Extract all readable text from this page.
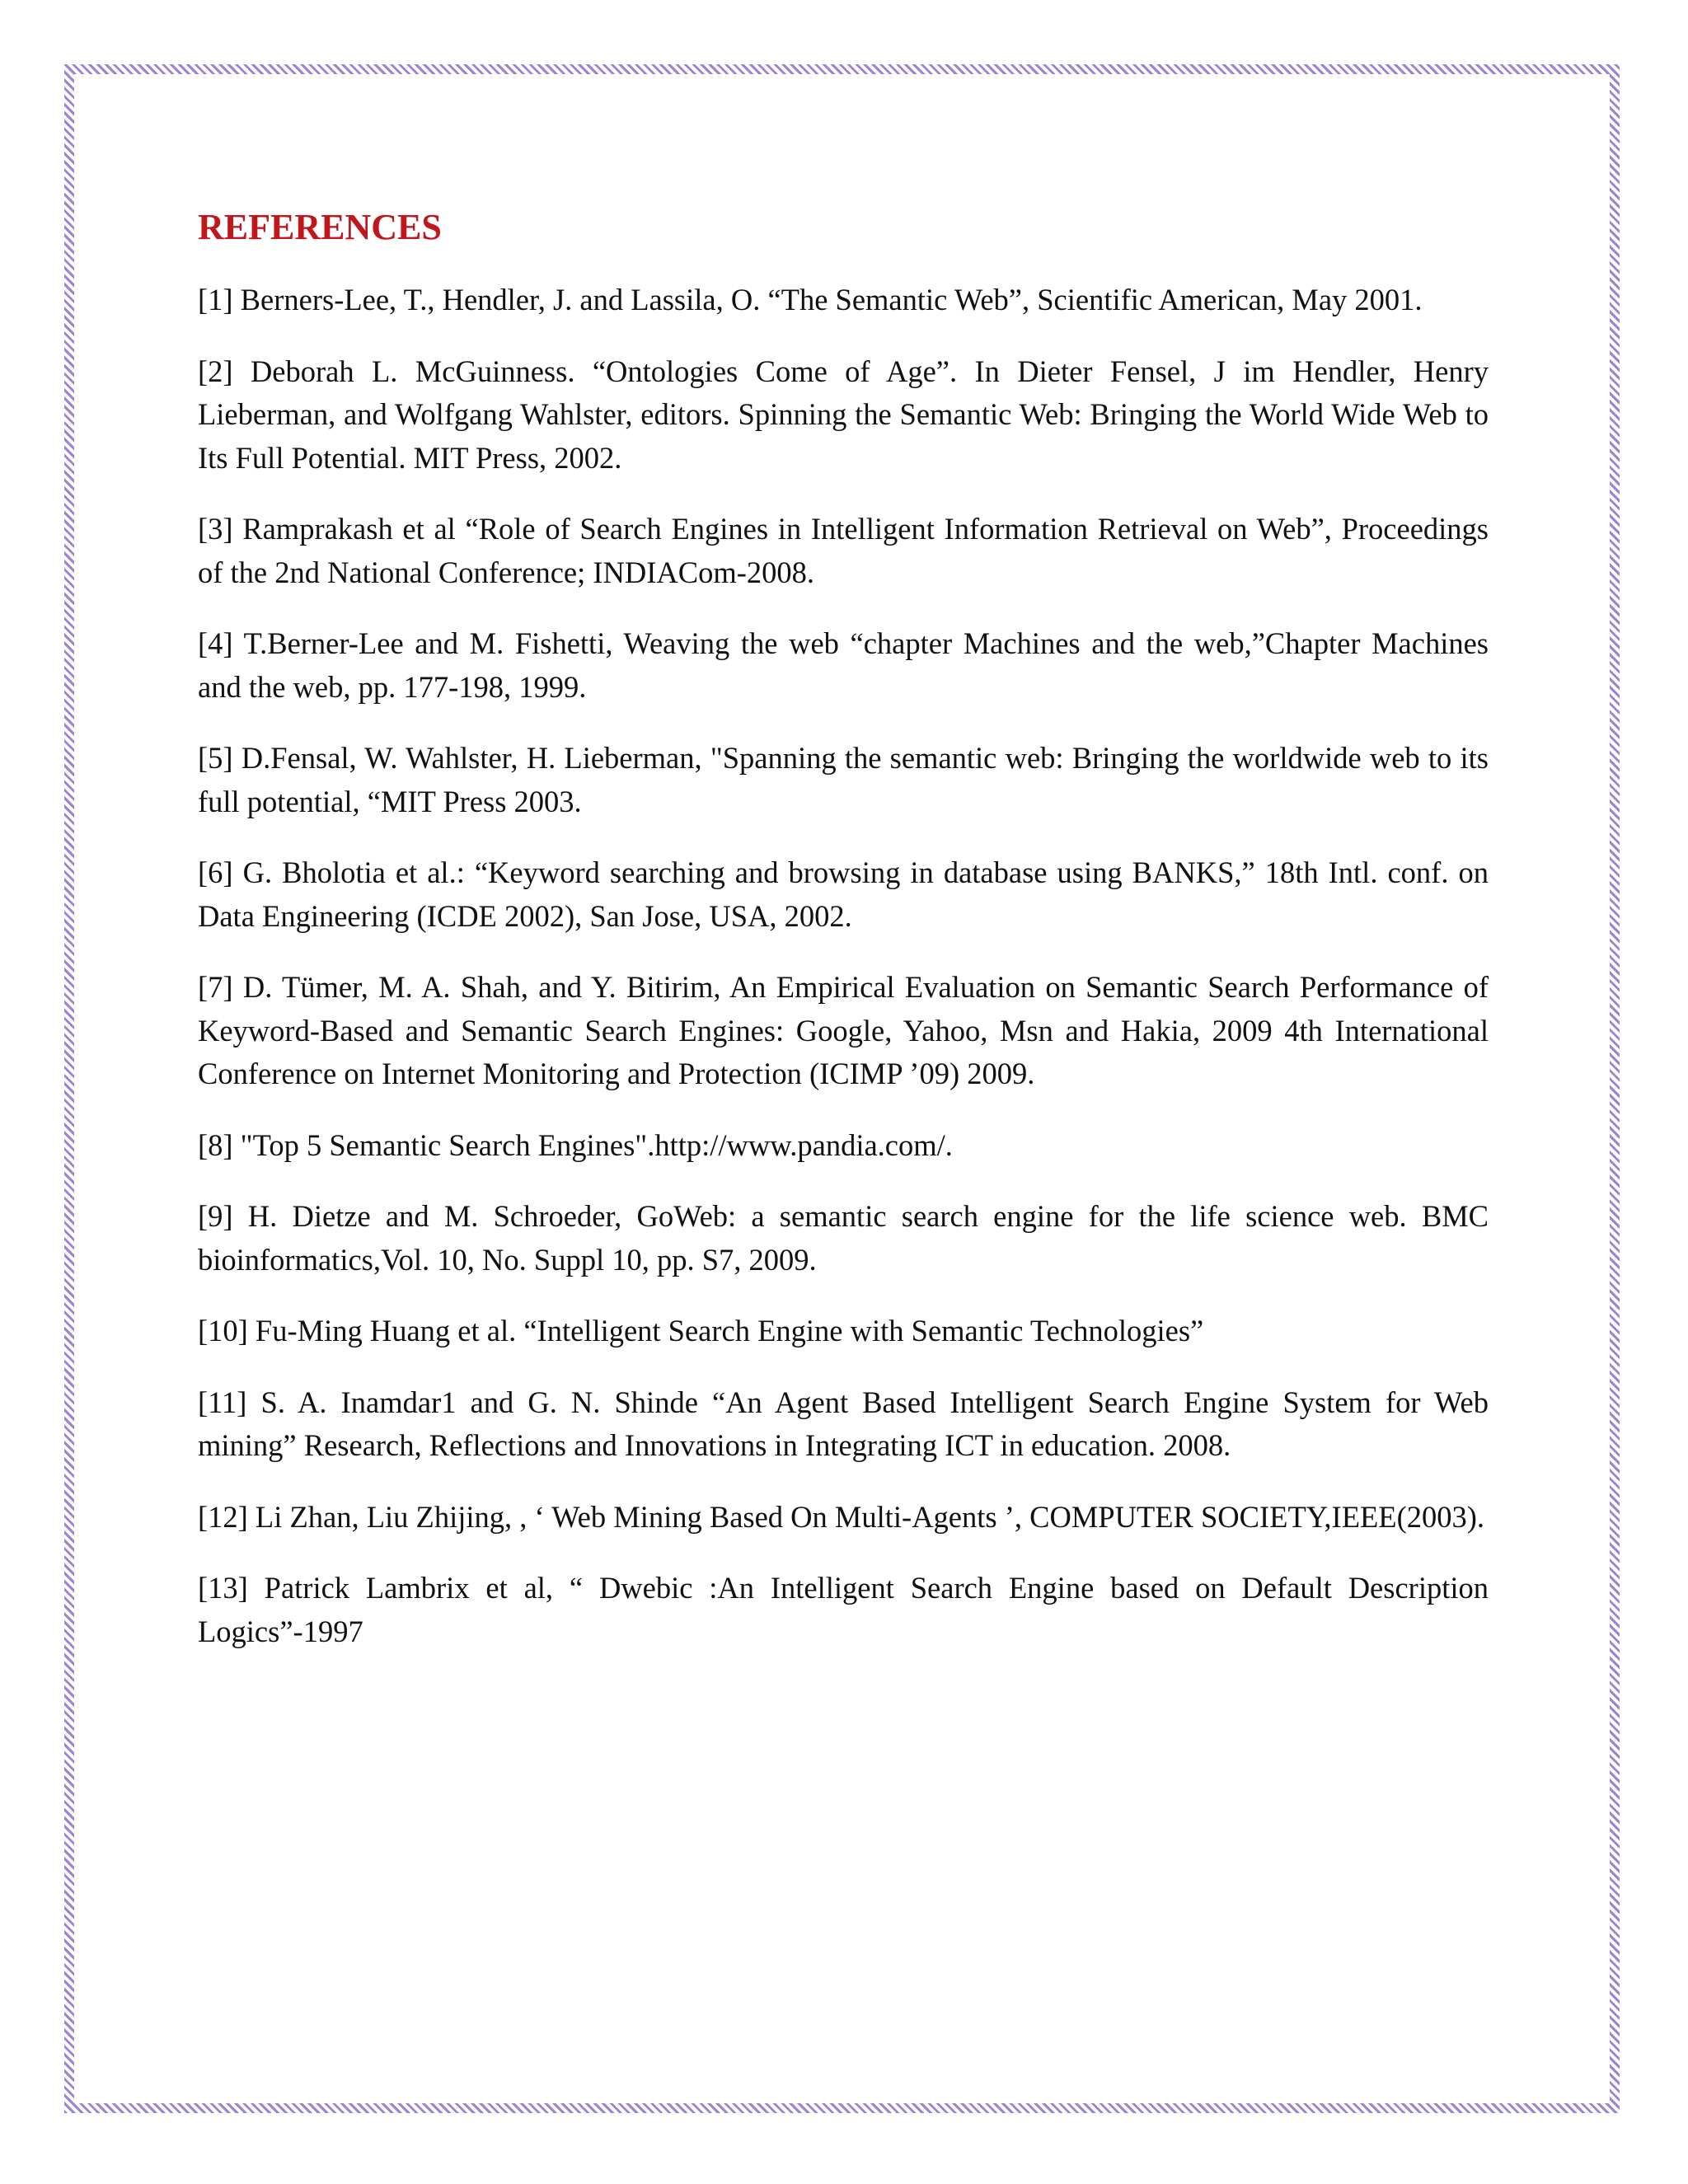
REFERENCES

[1] Berners-Lee, T., Hendler, J. and Lassila, O. “The Semantic Web”, Scientific American, May 2001.

[2] Deborah L. McGuinness. “Ontologies Come of Age”. In Dieter Fensel, J im Hendler, Henry Lieberman, and Wolfgang Wahlster, editors. Spinning the Semantic Web: Bringing the World Wide Web to Its Full Potential. MIT Press, 2002.

[3] Ramprakash et al “Role of Search Engines in Intelligent Information Retrieval on Web”, Proceedings of the 2nd National Conference; INDIACom-2008.

[4] T.Berner-Lee and M. Fishetti, Weaving the web “chapter Machines and the web,”Chapter Machines and the web, pp. 177-198, 1999.

[5] D.Fensal, W. Wahlster, H. Lieberman, "Spanning the semantic web: Bringing the worldwide web to its full potential, “MIT Press 2003.

[6] G. Bholotia et al.: “Keyword searching and browsing in database using BANKS,” 18th Intl. conf. on Data Engineering (ICDE 2002), San Jose, USA, 2002.

[7] D. Tümer, M. A. Shah, and Y. Bitirim, An Empirical Evaluation on Semantic Search Performance of Keyword-Based and Semantic Search Engines: Google, Yahoo, Msn and Hakia, 2009 4th International Conference on Internet Monitoring and Protection (ICIMP ’09) 2009.

[8] "Top 5 Semantic Search Engines".http://www.pandia.com/.

[9] H. Dietze and M. Schroeder, GoWeb: a semantic search engine for the life science web. BMC bioinformatics,Vol. 10, No. Suppl 10, pp. S7, 2009.

[10] Fu-Ming Huang et al. “Intelligent Search Engine with Semantic Technologies”

[11] S. A. Inamdar1 and G. N. Shinde “An Agent Based Intelligent Search Engine System for Web mining” Research, Reflections and Innovations in Integrating ICT in education. 2008.

[12] Li Zhan, Liu Zhijing, , ‘ Web Mining Based On Multi-Agents ’, COMPUTER SOCIETY,IEEE(2003).

[13] Patrick Lambrix et al, “ Dwebic :An Intelligent Search Engine based on Default Description Logics”-1997
